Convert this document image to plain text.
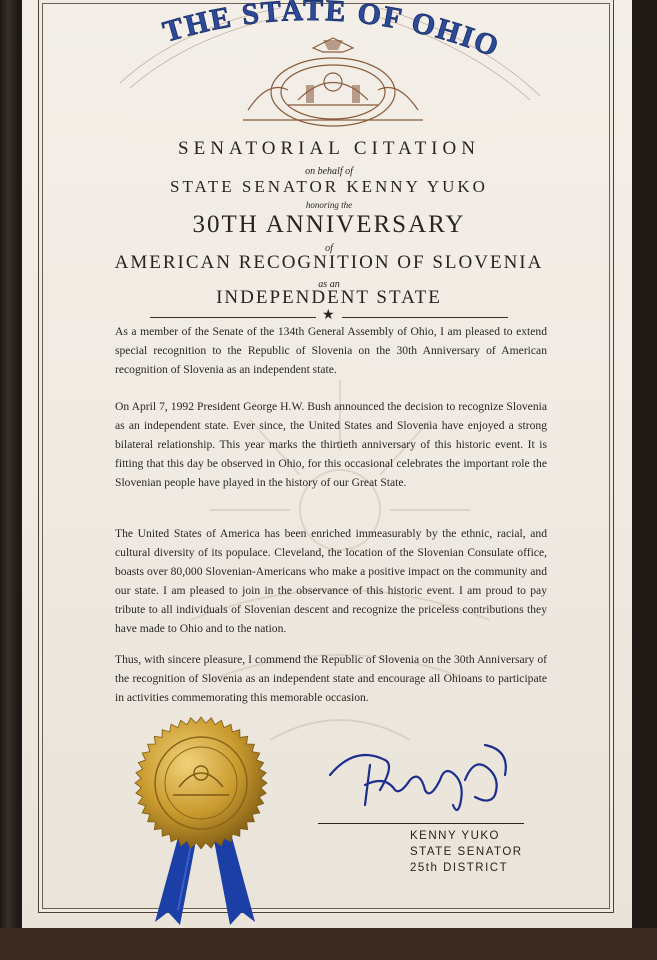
THE STATE OF OHIO
SENATORIAL CITATION
on behalf of
STATE SENATOR KENNY YUKO
honoring the
30TH ANNIVERSARY
of
AMERICAN RECOGNITION OF SLOVENIA
as an
INDEPENDENT STATE
★
As a member of the Senate of the 134th General Assembly of Ohio, I am pleased to extend special recognition to the Republic of Slovenia on the 30th Anniversary of American recognition of Slovenia as an independent state.
On April 7, 1992 President George H.W. Bush announced the decision to recognize Slovenia as an independent state. Ever since, the United States and Slovenia have enjoyed a strong bilateral relationship. This year marks the thirtieth anniversary of this historic event. It is fitting that this day be observed in Ohio, for this occasional celebrates the important role the Slovenian people have played in the history of our Great State.
The United States of America has been enriched immeasurably by the ethnic, racial, and cultural diversity of its populace. Cleveland, the location of the Slovenian Consulate office, boasts over 80,000 Slovenian-Americans who make a positive impact on the community and our state. I am pleased to join in the observance of this historic event. I am proud to pay tribute to all individuals of Slovenian descent and recognize the priceless contributions they have made to Ohio and to the nation.
Thus, with sincere pleasure, I commend the Republic of Slovenia on the 30th Anniversary of the recognition of Slovenia as an independent state and encourage all Ohioans to participate in activities commemorating this memorable occasion.
KENNY YUKO
STATE SENATOR
25th DISTRICT
